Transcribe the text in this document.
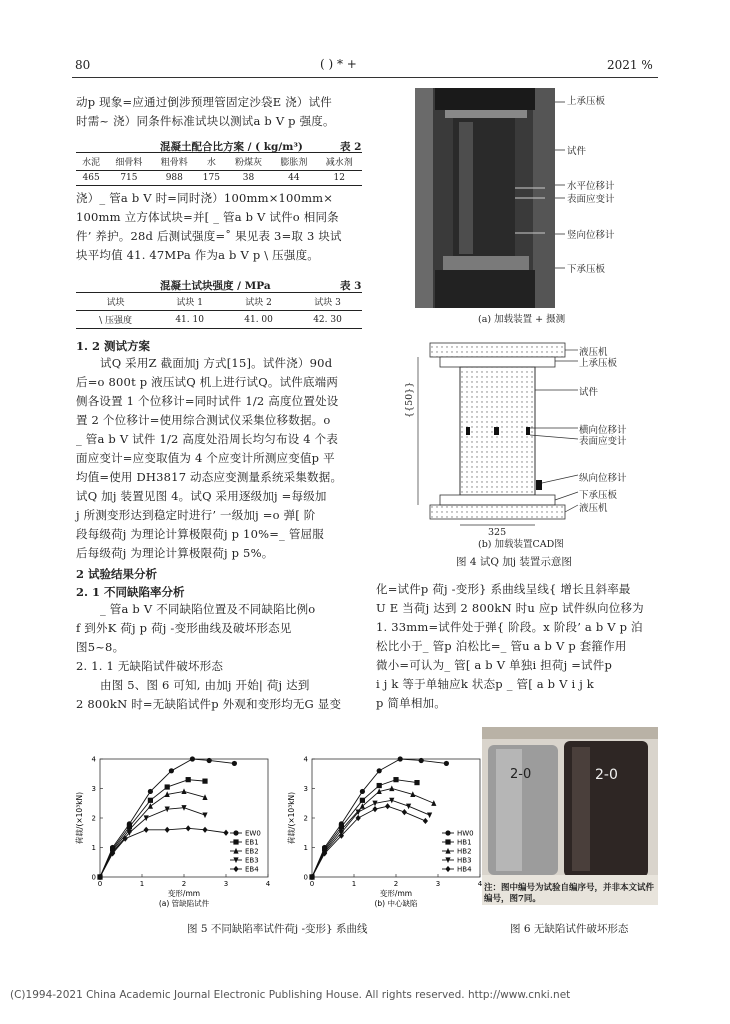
80	( ) * +	2021 %
动p 现象=应通过倒涉预理管固定沙袋E 浇）试件
时需~ 浇）同条件标准试块以测试a b V p 强度。
混凝土配合比方案 / ( kg/m³)	表 2
水泥	细骨料	粗骨料	水	粉煤灰	膨胀剂	减水剂
465	715	988	175	38	44	12
浇）_ 管a b V 时=同时浇）100mm×100mm×
100mm 立方体试块=并[ _ 管a b V 试件o 相同条
件’ 养护。28d 后测试强度=˚ 果见表 3=取 3 块试
块平均值 41. 47MPa 作为a b V p \ 压强度。
混凝土试块强度 / MPa	表 3
试块	试块 1	试块 2	试块 3
\ 压强度	41. 10	41. 00	42. 30
1. 2 测试方案
试Q 采用Z 截面加j 方式[15]。试件浇）90d
后=o 800t p 液压试Q 机上进行试Q。试件底端两
侧各设置 1 个位移计=同时试件 1/2 高度位置处设
置 2 个位移计=使用综合测试仪采集位移数据。o
_ 管a b V 试件 1/2 高度处沿周长均匀布设 4 个表
面应变计=应变取值为 4 个应变计所测应变值p 平
均值=使用 DH3817 动态应变测量系统采集数据。
试Q 加j 装置见图 4。试Q 采用逐级加j =每级加
j 所测变形达到稳定时进行’ 一级加j =o 弹[ 阶
段每级荷j 为理论计算极限荷j p 10%=_ 管屈服
后每级荷j 为理论计算极限荷j p 5%。
2 试验结果分析
2. 1 不同缺陷率分析
_ 管a b V 不同缺陷位置及不同缺陷比例o
f 到外K 荷j p 荷j -变形曲线及破坏形态见
图5~8。
2. 1. 1 无缺陷试件破坏形态
由图 5、图 6 可知, 由加j 开始| 荷j 达到
2 800kN 时=无缺陷试件p 外观和变形均无G 显变
上承压板
试件
水平位移计
表面应变计
竖向位移计
下承压板
(a) 加载装置 + 摄测
液压机
上承压板
试件
横向位移计
表面应变计
纵向位移计
下承压板
液压机
{{50}}
325
(b) 加载装置CAD图
图 4 试Q 加j 装置示意图
化=试件p 荷j -变形} 系曲线呈线{ 增长且斜率最
U E 当荷j 达到 2 800kN 时u 应p 试件纵向位移为
1. 33mm=试件处于弹{ 阶段。x 阶段’ a b V p 泊
松比小于_ 管p 泊松比=_ 管u a b V p 套箍作用
微小=可认为_ 管[ a b V 单独i 担荷j =试件p
i j k 等于单轴应k 状态p _ 管[ a b V i j k
p 简单相加。
0	1	2	3	4
0
1
2
3
4
变形/mm
荷载/(×10³kN)
(a) 管缺陷试件
EW0
EB1
EB2
EB3
EB4
0	1	2	3	4
0
1
2
3
4
变形/mm
荷载/(×10³kN)
(b) 中心缺陷
HW0
HB1
HB2
HB3
HB4
图 5 不同缺陷率试件荷j -变形} 系曲线
2-0	2-0
注：图中编号为试验自编序号，并非本文试件编号，图7同。
图 6 无缺陷试件破坏形态
(C)1994-2021 China Academic Journal Electronic Publishing House. All rights reserved. http://www.cnki.net
